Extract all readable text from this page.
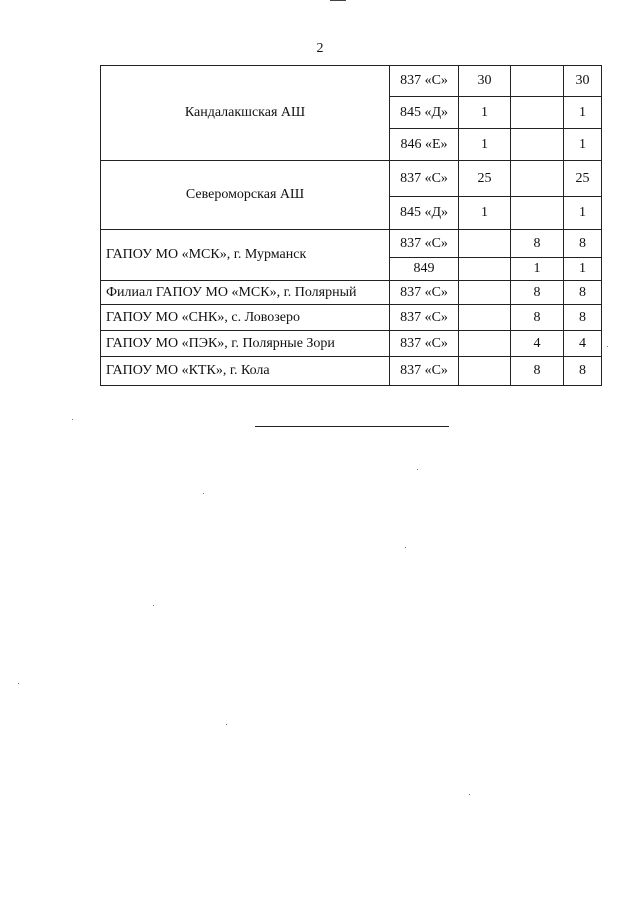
2
Кандалакшская АШ	837 «С»	30		30
	845 «Д»	1		1
	846 «Е»	1		1
Североморская АШ	837 «С»	25		25
	845 «Д»	1		1
ГАПОУ МО «МСК», г. Мурманск	837 «С»		8	8
	849		1	1
Филиал ГАПОУ МО «МСК», г. Полярный	837 «С»		8	8
ГАПОУ МО «СНК», с. Ловозеро	837 «С»		8	8
ГАПОУ МО «ПЭК», г. Полярные Зори	837 «С»		4	4
ГАПОУ МО «КТК», г. Кола	837 «С»		8	8
